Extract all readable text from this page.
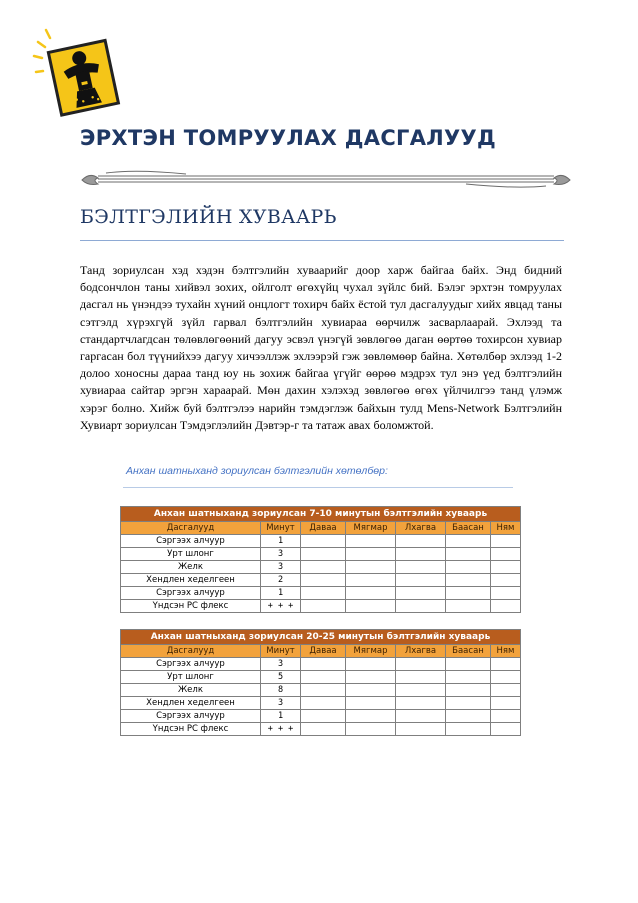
ЭРХТЭН ТОМРУУЛАХ ДАСГАЛУУД
БЭЛТГЭЛИЙН ХУВААРЬ

Танд зориулсан хэд хэдэн бэлтгэлийн хуваарийг доор харж байгаа байх. Энд бидний бодсончлон таны хийвэл зохих, ойлголт өгөхүйц чухал зүйлс бий. Бэлэг эрхтэн томруулах дасгал нь үнэндээ тухайн хүний онцлогт тохирч байх ёстой тул дасгалуудыг хийх явцад таны сэтгэлд хүрэхгүй зүйл гарвал бэлтгэлийн хувиараа өөрчилж засварлаарай. Эхлээд та стандартчлагдсан төлөвлөгөөний дагуу эсвэл үнэгүй зөвлөгөө даган өөртөө тохирсон хувиар гаргасан бол түүнийхээ дагуу хичээллэж эхлээрэй гэж зөвлөмөөр байна. Хөтөлбөр эхлээд 1-2 долоо хоносны дараа танд юу нь зохиж байгаа үгүйг өөрөө мэдрэх тул энэ үед бэлтгэлийн хувиараа сайтар эргэн хараарай. Мөн дахин хэлэхэд зөвлөгөө өгөх үйлчилгээ танд үлэмж хэрэг болно. Хийж буй бэлтгэлээ нарийн тэмдэглэж байхын тулд Mens-Network Бэлтгэлийн Хувиарт зориулсан Тэмдэглэлийн Дэвтэр-г та татаж авах боломжтой.

Анхан шатныханд зориулсан бэлтгэлийн хөтөлбөр:

Анхан шатныханд зориулсан 7-10 минутын бэлтгэлийн хуваарь
Дасгалууд	Минут	Даваа	Мягмар	Лхагва	Баасан	Ням
Сэргээх алчуур	1					
Урт шлонг	3					
Желк	3					
Хендлен хеделгеен	2					
Сэргээх алчуур	1					
Үндсэн PC флекс	+ + +					
Анхан шатныханд зориулсан 20-25 минутын бэлтгэлийн хуваарь
Дасгалууд	Минут	Даваа	Мягмар	Лхагва	Баасан	Ням
Сэргээх алчуур	3					
Урт шлонг	5					
Желк	8					
Хендлен хеделгеен	3					
Сэргээх алчуур	1					
Үндсэн PC флекс	+ + +					
